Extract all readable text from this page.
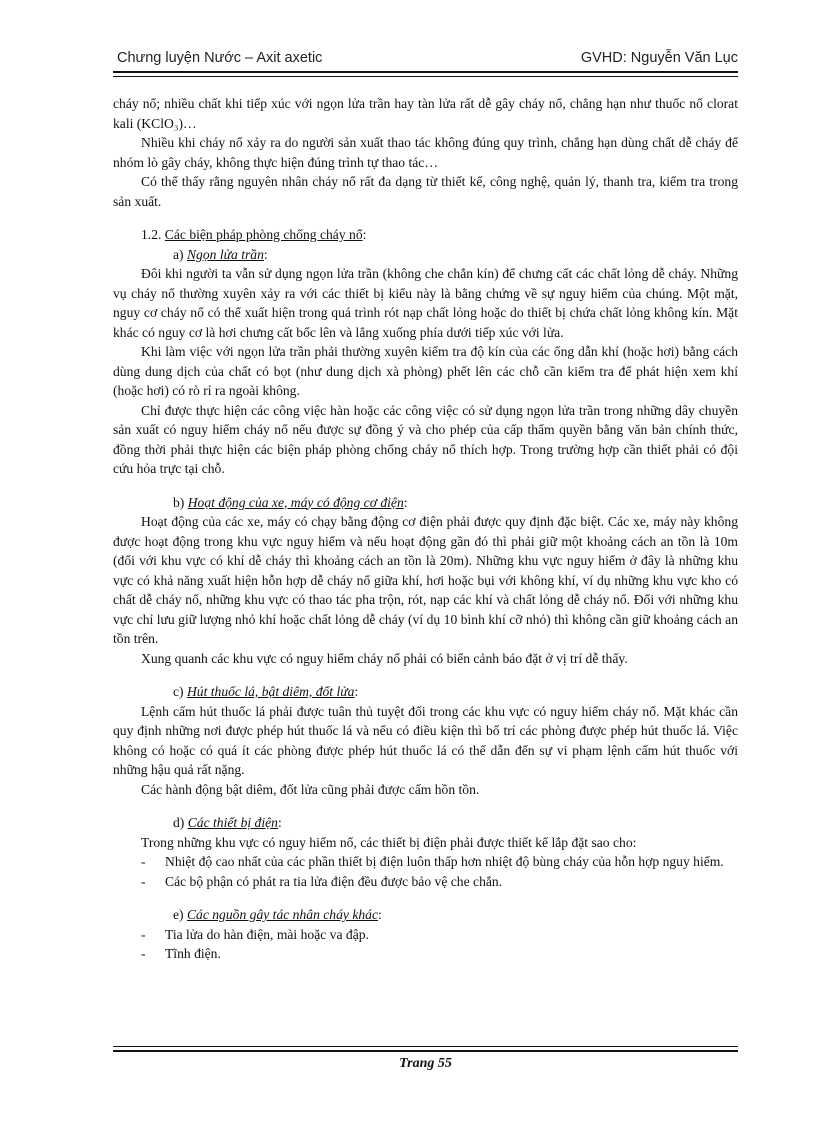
Chưng luyện Nước – Axit axetic	GVHD: Nguyễn Văn Lục

cháy nổ; nhiều chất khi tiếp xúc với ngọn lửa trần hay tàn lửa rất dễ gây cháy nổ, chẳng hạn như thuốc nổ clorat kali (KClO₃)…

Nhiều khi cháy nổ xảy ra do người sản xuất thao tác không đúng quy trình, chẳng hạn dùng chất dễ cháy để nhóm lò gây cháy, không thực hiện đúng trình tự thao tác…

Có thể thấy rằng nguyên nhân cháy nổ rất đa dạng từ thiết kế, công nghệ, quản lý, thanh tra, kiểm tra trong sản xuất.

1.2. Các biện pháp phòng chống cháy nổ:

a) Ngọn lửa trần:

Đôi khi người ta vẫn sử dụng ngọn lửa trần (không che chắn kín) để chưng cất các chất lỏng dễ cháy. Những vụ cháy nổ thường xuyên xảy ra với các thiết bị kiểu này là bằng chứng về sự nguy hiểm của chúng. Một mặt, nguy cơ cháy nổ có thể xuất hiện trong quá trình rót nạp chất lỏng hoặc do thiết bị chứa chất lỏng không kín. Mặt khác có nguy cơ là hơi chưng cất bốc lên và lắng xuống phía dưới tiếp xúc với lửa.

Khi làm việc với ngọn lửa trần phải thường xuyên kiểm tra độ kín của các ống dẫn khí (hoặc hơi) bằng cách dùng dung dịch của chất có bọt (như dung dịch xà phòng) phết lên các chỗ cần kiểm tra để phát hiện xem khí (hoặc hơi) có rò rỉ ra ngoài không.

Chỉ được thực hiện các công việc hàn hoặc các công việc có sử dụng ngọn lửa trần trong những dây chuyền sản xuất có nguy hiểm cháy nổ nếu được sự đồng ý và cho phép của cấp thẩm quyền bằng văn bản chính thức, đồng thời phải thực hiện các biện pháp phòng chống cháy nổ thích hợp. Trong trường hợp cần thiết phải có đội cứu hỏa trực tại chỗ.

b) Hoạt động của xe, máy có động cơ điện:

Hoạt động của các xe, máy có chạy bằng động cơ điện phải được quy định đặc biệt. Các xe, máy này không được hoạt động trong khu vực nguy hiểm và nếu hoạt động gần đó thì phải giữ một khoảng cách an tồn là 10m (đối với khu vực có khí dễ cháy thì khoảng cách an tồn là 20m). Những khu vực nguy hiểm ở đây là những khu vực có khả năng xuất hiện hỗn hợp dễ cháy nổ giữa khí, hơi hoặc bụi với không khí, ví dụ những khu vực kho có chất dễ cháy nổ, những khu vực có thao tác pha trộn, rót, nạp các khí và chất lỏng dễ cháy nổ. Đối với những khu vực chỉ lưu giữ lượng nhỏ khí hoặc chất lỏng dễ cháy (ví dụ 10 bình khí cỡ nhỏ) thì không cần giữ khoảng cách an tồn trên.

Xung quanh các khu vực có nguy hiểm cháy nổ phải có biển cảnh báo đặt ở vị trí dễ thấy.

c) Hút thuốc lá, bật diêm, đốt lửa:

Lệnh cấm hút thuốc lá phải được tuân thủ tuyệt đối trong các khu vực có nguy hiểm cháy nổ. Mặt khác cần quy định những nơi được phép hút thuốc lá và nếu có điều kiện thì bố trí các phòng được phép hút thuốc lá. Việc không có hoặc có quá ít các phòng được phép hút thuốc lá có thể dẫn đến sự vi phạm lệnh cấm hút thuốc với những hậu quả rất nặng.

Các hành động bật diêm, đốt lửa cũng phải được cấm hồn tồn.

d) Các thiết bị điện:

Trong những khu vực có nguy hiểm nổ, các thiết bị điện phải được thiết kế lắp đặt sao cho:

- Nhiệt độ cao nhất của các phần thiết bị điện luôn thấp hơn nhiệt độ bùng cháy của hỗn hợp nguy hiểm.
- Các bộ phận có phát ra tia lửa điện đều được bảo vệ che chắn.

e) Các nguồn gây tác nhân cháy khác:

- Tia lửa do hàn điện, mài hoặc va đập.
- Tĩnh điện.
Trang 55
